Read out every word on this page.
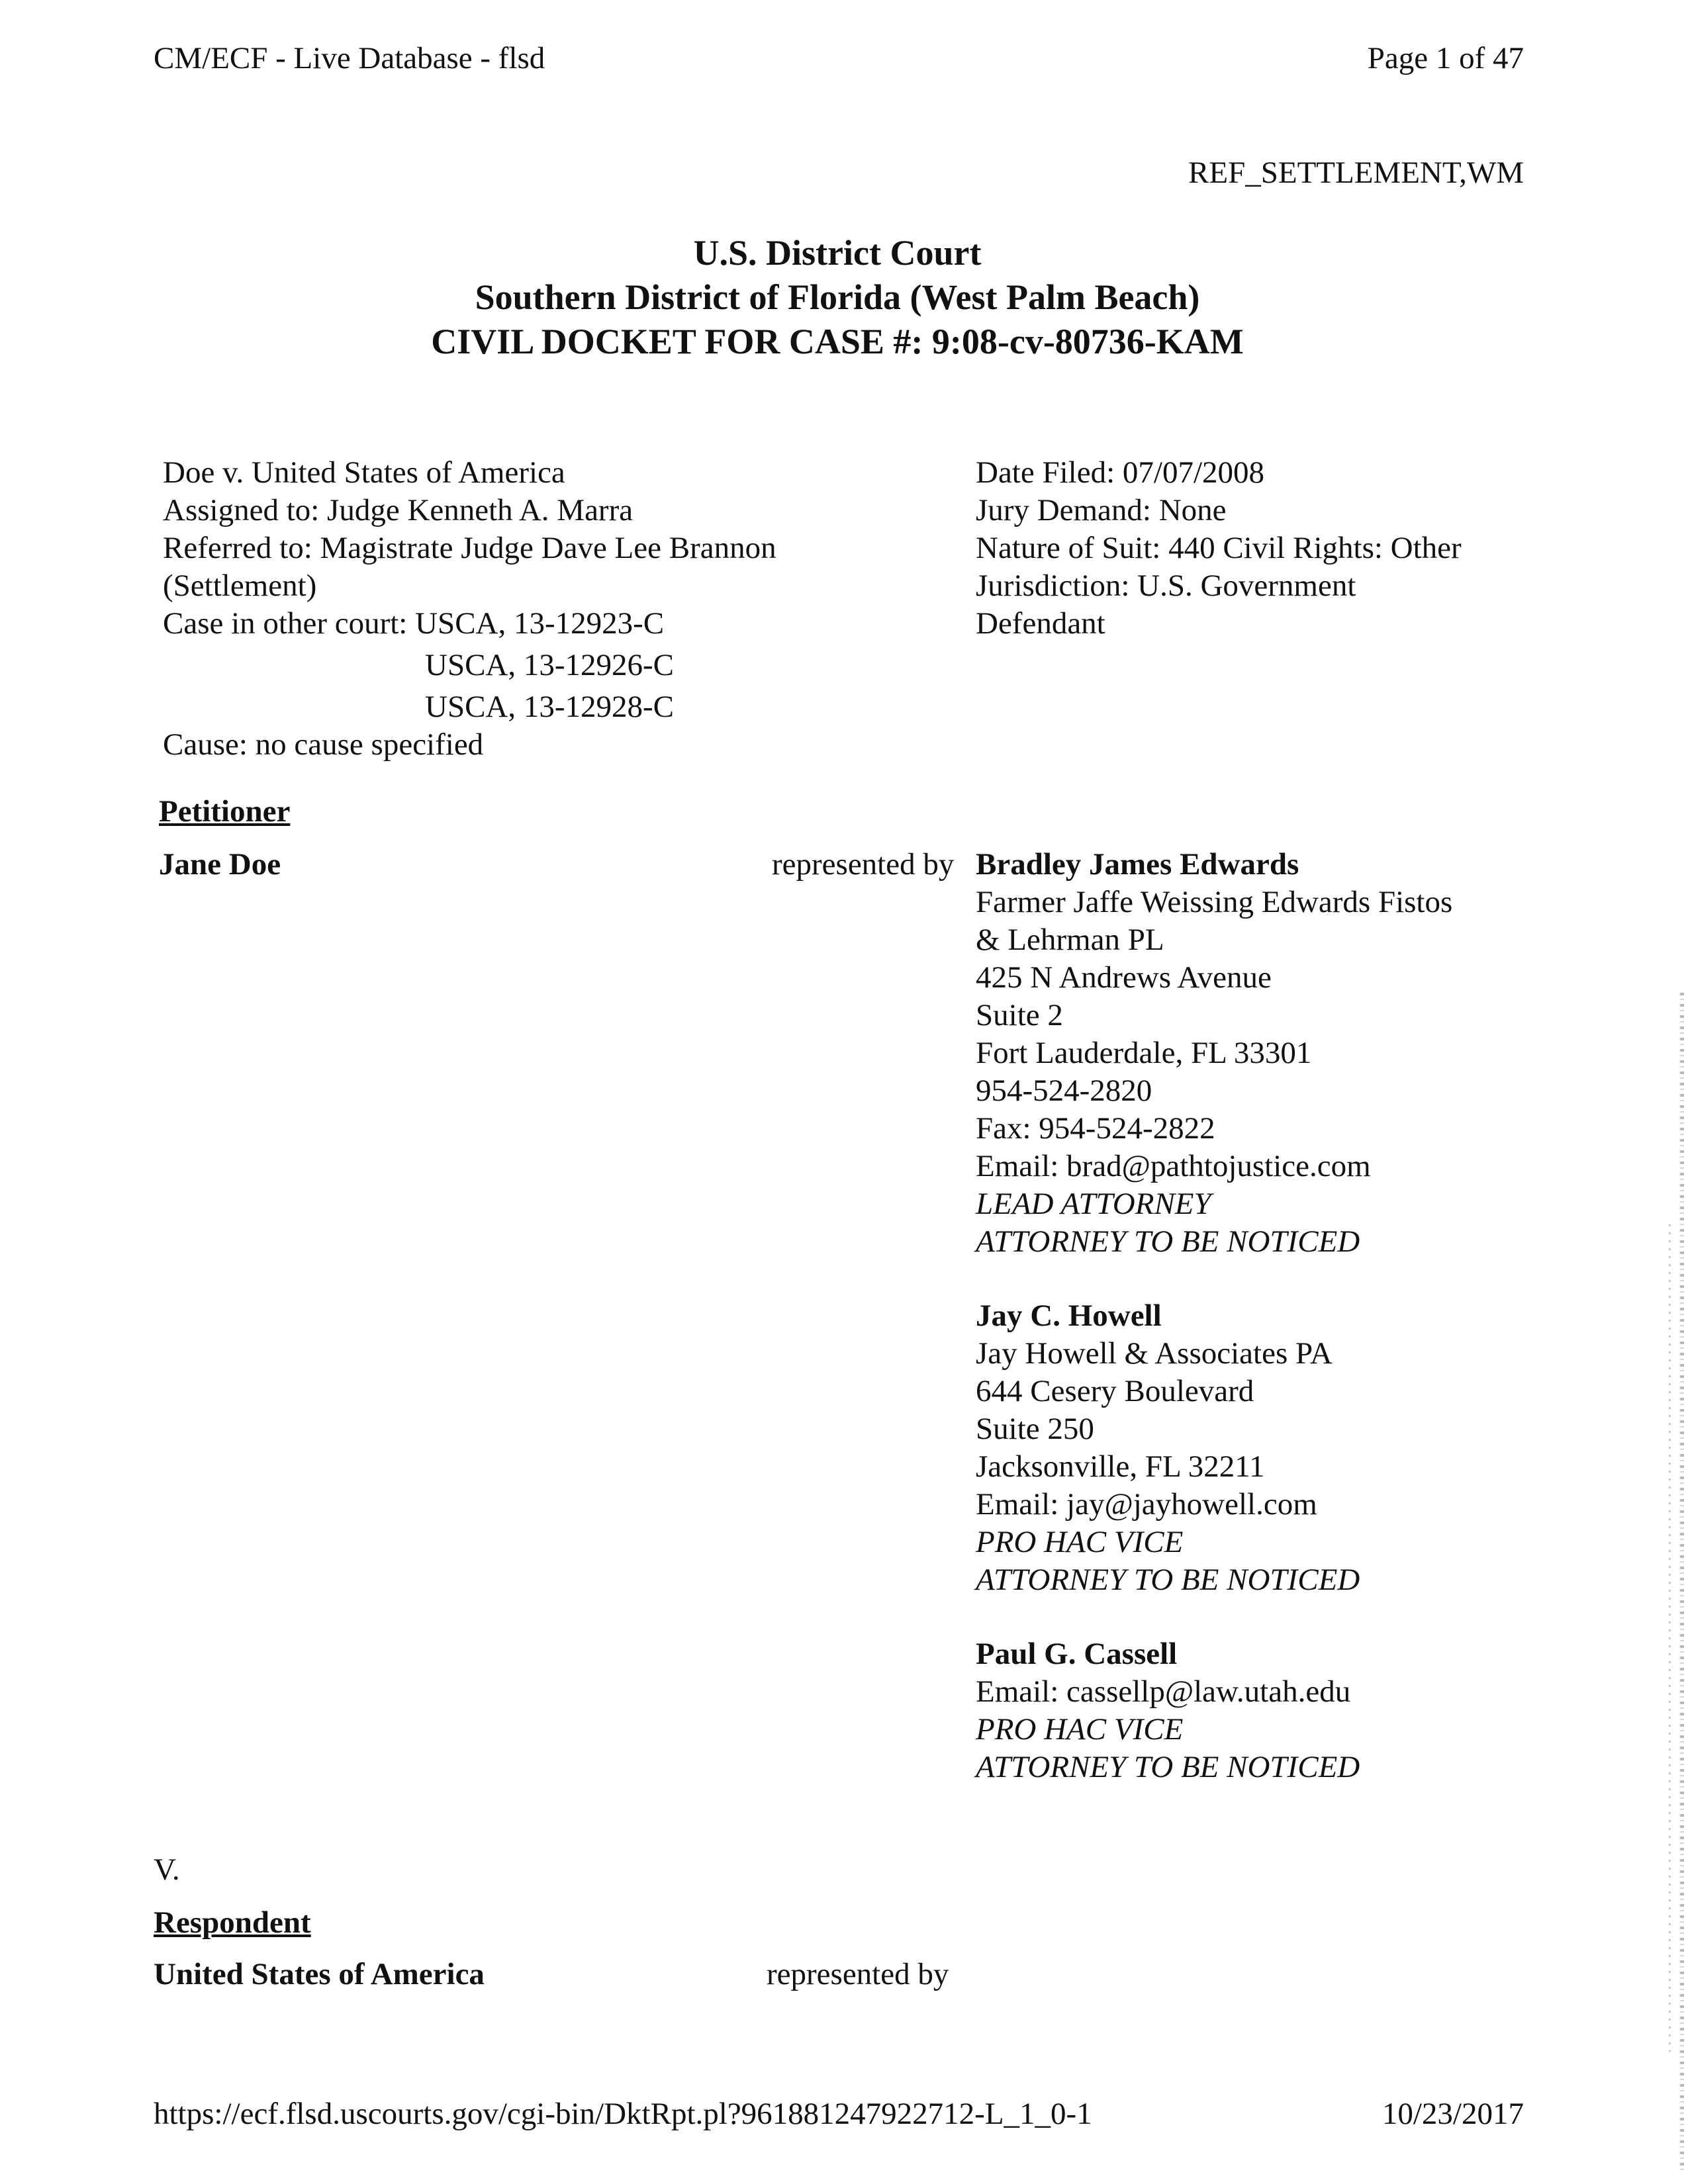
CM/ECF - Live Database - flsd	Page 1 of 47
REF_SETTLEMENT,WM
U.S. District Court
Southern District of Florida (West Palm Beach)
CIVIL DOCKET FOR CASE #: 9:08-cv-80736-KAM
Doe v. United States of America
Assigned to: Judge Kenneth A. Marra
Referred to: Magistrate Judge Dave Lee Brannon
(Settlement)
Case in other court: USCA, 13-12923-C
USCA, 13-12926-C
USCA, 13-12928-C
Cause: no cause specified
Date Filed: 07/07/2008
Jury Demand: None
Nature of Suit: 440 Civil Rights: Other
Jurisdiction: U.S. Government
Defendant
Petitioner
Jane Doe	represented by Bradley James Edwards
Farmer Jaffe Weissing Edwards Fistos
& Lehrman PL
425 N Andrews Avenue
Suite 2
Fort Lauderdale, FL 33301
954-524-2820
Fax: 954-524-2822
Email: brad@pathtojustice.com
LEAD ATTORNEY
ATTORNEY TO BE NOTICED
Jay C. Howell
Jay Howell & Associates PA
644 Cesery Boulevard
Suite 250
Jacksonville, FL 32211
Email: jay@jayhowell.com
PRO HAC VICE
ATTORNEY TO BE NOTICED
Paul G. Cassell
Email: cassellp@law.utah.edu
PRO HAC VICE
ATTORNEY TO BE NOTICED
V.
Respondent
United States of America	represented by
https://ecf.flsd.uscourts.gov/cgi-bin/DktRpt.pl?961881247922712-L_1_0-1	10/23/2017
